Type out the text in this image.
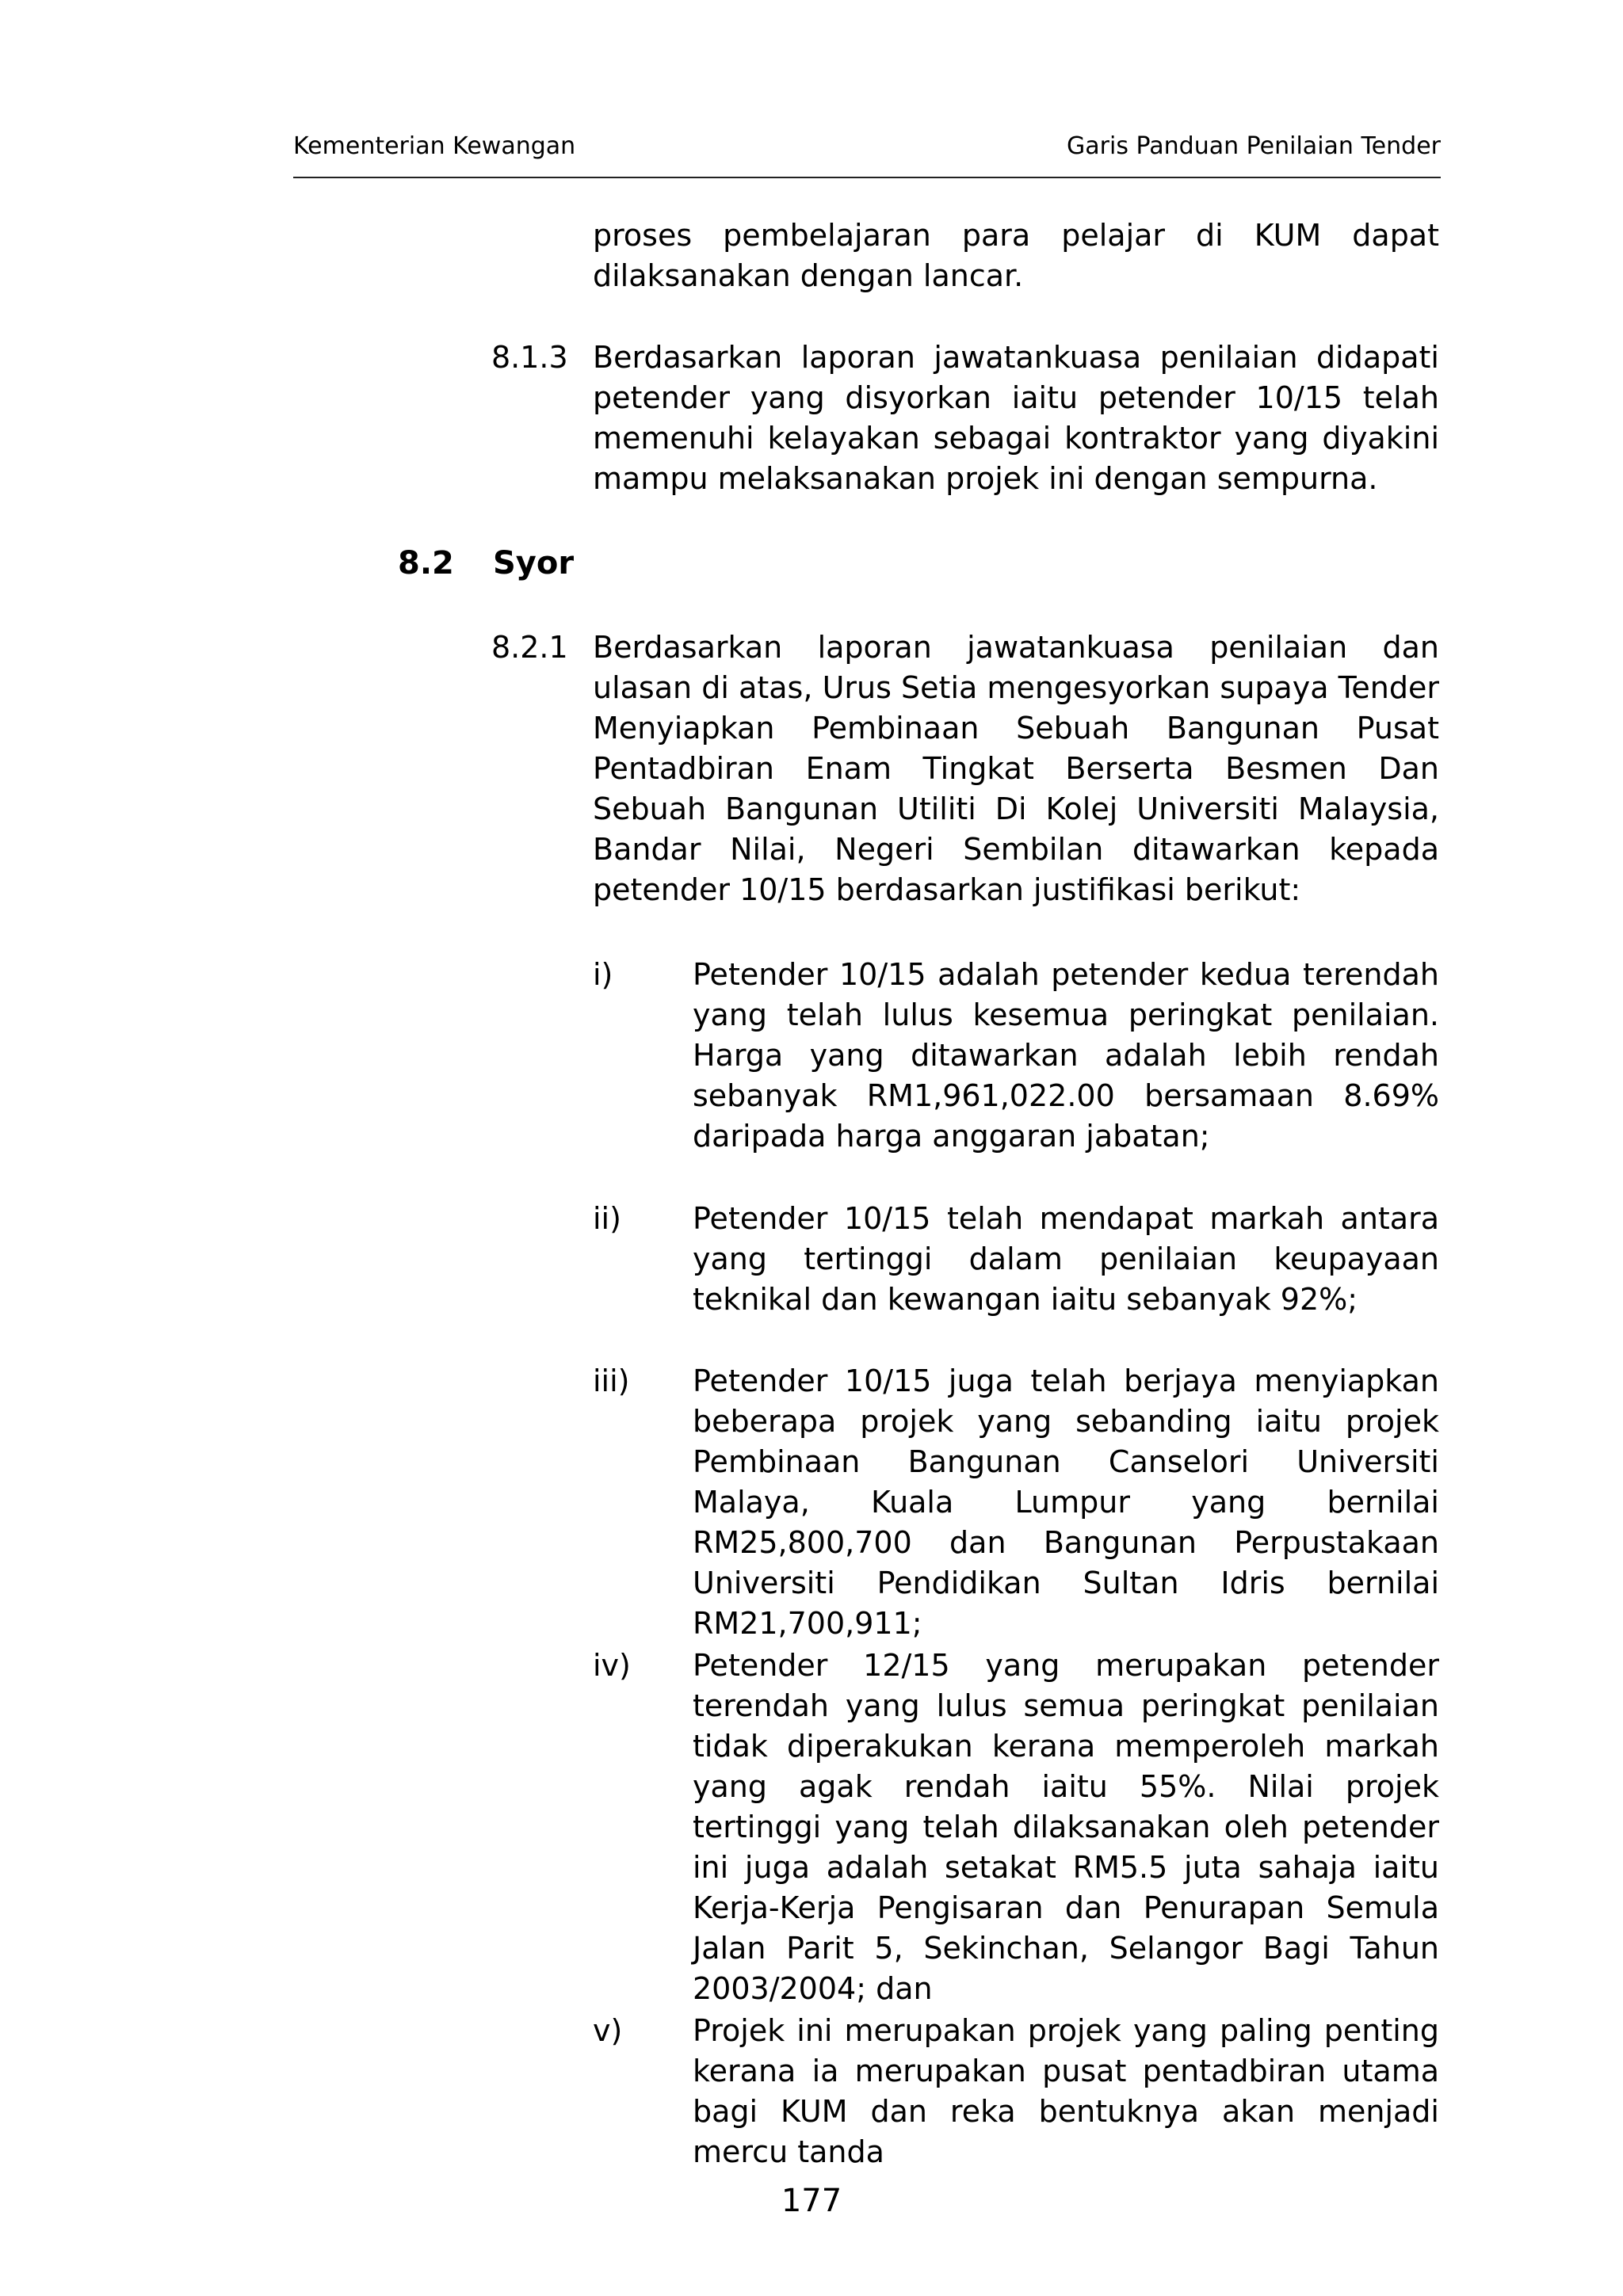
Kementerian Kewangan	Garis Panduan Penilaian Tender
proses pembelajaran para pelajar di KUM dapat dilaksanakan dengan lancar.
8.1.3 Berdasarkan laporan jawatankuasa penilaian didapati petender yang disyorkan iaitu petender 10/15 telah memenuhi kelayakan sebagai kontraktor yang diyakini mampu melaksanakan projek ini dengan sempurna.
8.2 Syor
8.2.1 Berdasarkan laporan jawatankuasa penilaian dan ulasan di atas, Urus Setia mengesyorkan supaya Tender Menyiapkan Pembinaan Sebuah Bangunan Pusat Pentadbiran Enam Tingkat Berserta Besmen Dan Sebuah Bangunan Utiliti Di Kolej Universiti Malaysia, Bandar Nilai, Negeri Sembilan ditawarkan kepada petender 10/15 berdasarkan justifikasi berikut:
i)	Petender 10/15 adalah petender kedua terendah yang telah lulus kesemua peringkat penilaian. Harga yang ditawarkan adalah lebih rendah sebanyak RM1,961,022.00 bersamaan 8.69% daripada harga anggaran jabatan;
ii) Petender 10/15 telah mendapat markah antara yang tertinggi dalam penilaian keupayaan teknikal dan kewangan iaitu sebanyak 92%;
iii) Petender 10/15 juga telah berjaya menyiapkan beberapa projek yang sebanding iaitu projek Pembinaan Bangunan Canselori Universiti Malaya, Kuala Lumpur yang bernilai RM25,800,700 dan Bangunan Perpustakaan Universiti Pendidikan Sultan Idris bernilai RM21,700,911;
iv) Petender 12/15 yang merupakan petender terendah yang lulus semua peringkat penilaian tidak diperakukan kerana memperoleh markah yang agak rendah iaitu 55%. Nilai projek tertinggi yang telah dilaksanakan oleh petender ini juga adalah setakat RM5.5 juta sahaja iaitu Kerja-Kerja Pengisaran dan Penurapan Semula Jalan Parit 5, Sekinchan, Selangor Bagi Tahun 2003/2004; dan
v) Projek ini merupakan projek yang paling penting kerana ia merupakan pusat pentadbiran utama bagi KUM dan reka bentuknya akan menjadi mercu tanda
177
